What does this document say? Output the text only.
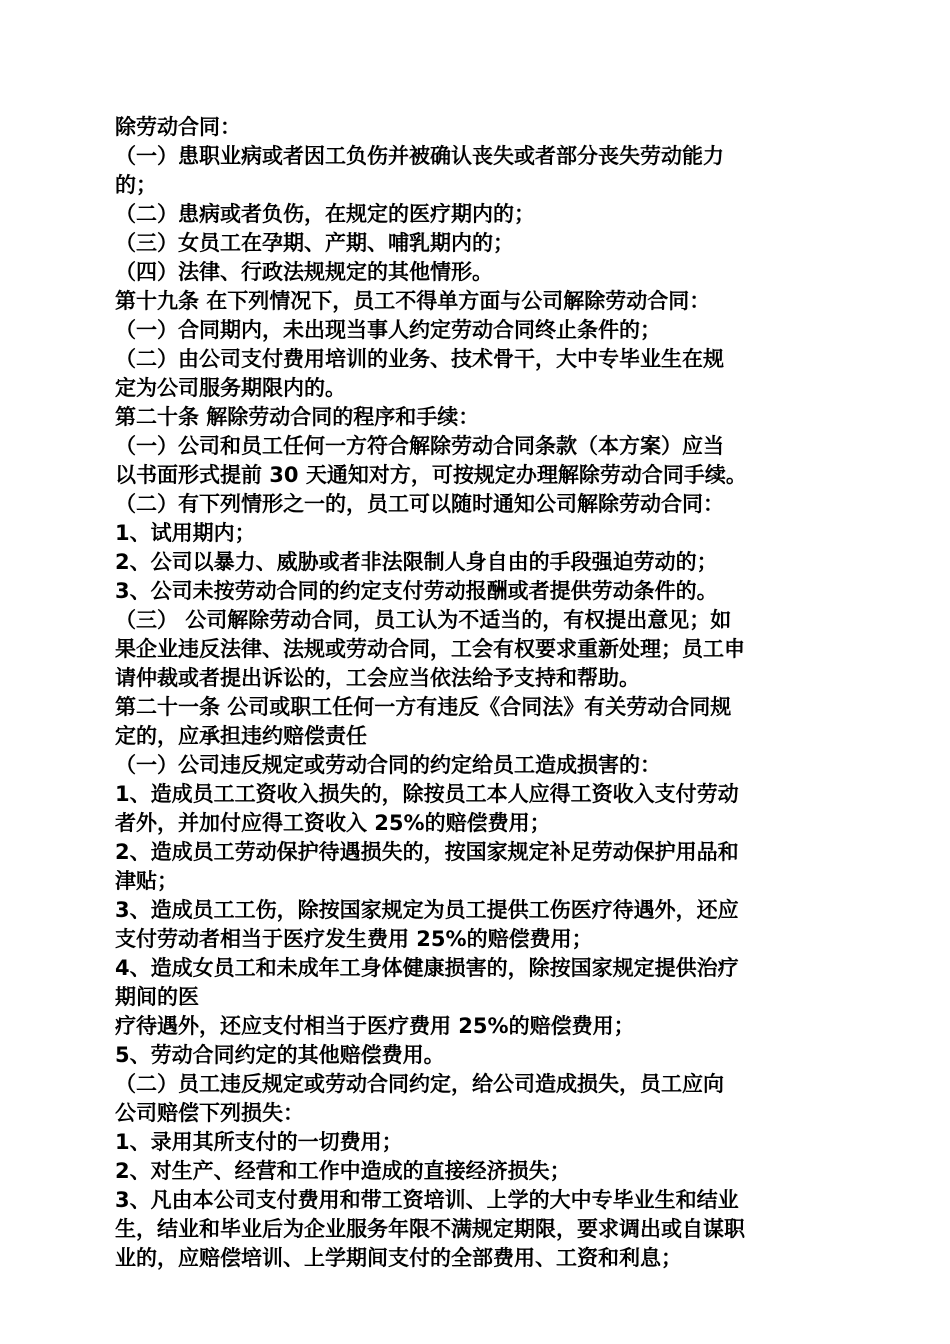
除劳动合同：
（一）患职业病或者因工负伤并被确认丧失或者部分丧失劳动能力
的；
（二）患病或者负伤，在规定的医疗期内的；
（三）女员工在孕期、产期、哺乳期内的；
（四）法律、行政法规规定的其他情形。
第十九条 在下列情况下，员工不得单方面与公司解除劳动合同：
（一）合同期内，未出现当事人约定劳动合同终止条件的；
（二）由公司支付费用培训的业务、技术骨干，大中专毕业生在规
定为公司服务期限内的。
第二十条 解除劳动合同的程序和手续：
（一）公司和员工任何一方符合解除劳动合同条款（本方案）应当
以书面形式提前 30 天通知对方，可按规定办理解除劳动合同手续。
（二）有下列情形之一的，员工可以随时通知公司解除劳动合同：
1、试用期内；
2、公司以暴力、威胁或者非法限制人身自由的手段强迫劳动的；
3、公司未按劳动合同的约定支付劳动报酬或者提供劳动条件的。
（三） 公司解除劳动合同，员工认为不适当的，有权提出意见；如
果企业违反法律、法规或劳动合同，工会有权要求重新处理；员工申
请仲裁或者提出诉讼的，工会应当依法给予支持和帮助。
第二十一条 公司或职工任何一方有违反《合同法》有关劳动合同规
定的，应承担违约赔偿责任
（一）公司违反规定或劳动合同的约定给员工造成损害的：
1、造成员工工资收入损失的，除按员工本人应得工资收入支付劳动
者外，并加付应得工资收入 25%的赔偿费用；
2、造成员工劳动保护待遇损失的，按国家规定补足劳动保护用品和
津贴；
3、造成员工工伤，除按国家规定为员工提供工伤医疗待遇外，还应
支付劳动者相当于医疗发生费用 25%的赔偿费用；
4、造成女员工和未成年工身体健康损害的，除按国家规定提供治疗
期间的医
疗待遇外，还应支付相当于医疗费用 25%的赔偿费用；
5、劳动合同约定的其他赔偿费用。
（二）员工违反规定或劳动合同约定，给公司造成损失，员工应向
公司赔偿下列损失：
1、录用其所支付的一切费用；
2、对生产、经营和工作中造成的直接经济损失；
3、凡由本公司支付费用和带工资培训、上学的大中专毕业生和结业
生，结业和毕业后为企业服务年限不满规定期限，要求调出或自谋职
业的，应赔偿培训、上学期间支付的全部费用、工资和利息；
